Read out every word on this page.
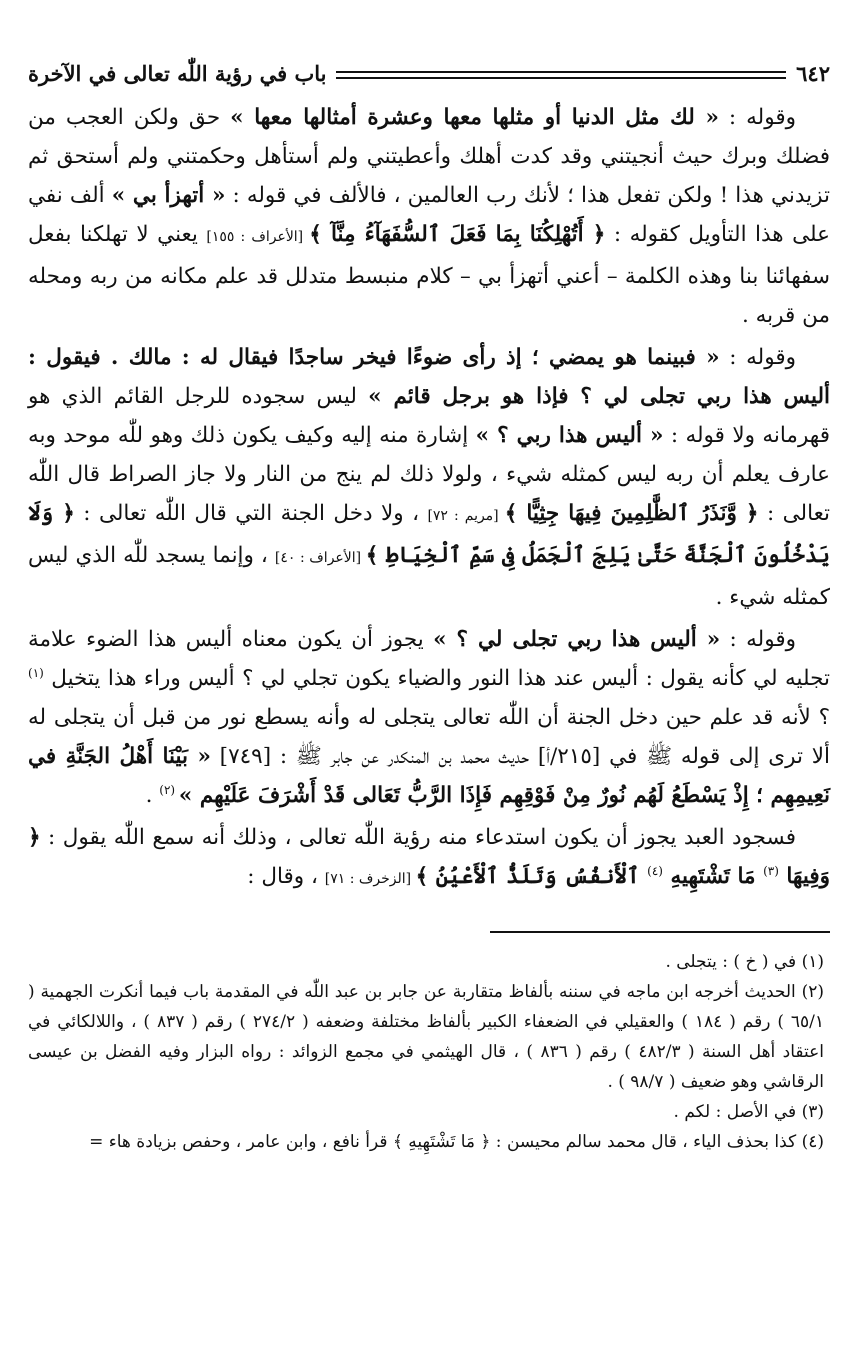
٦٤٢
باب في رؤية اللّٰه تعالى في الآخرة

وقوله : « لك مثل الدنيا أو مثلها معها وعشرة أمثالها معها » حق ولكن العجب من فضلك وبرك حيث أنجيتني وقد كدت أهلك وأعطيتني ولم أستأهل وحكمتني ولم أستحق ثم تزيدني هذا ! ولكن تفعل هذا ؛ لأنك رب العالمين ، فالألف في قوله : « أتهزأ بي » ألف نفي على هذا التأويل كقوله : ﴿ أَتُهْلِكُنَا بِمَا فَعَلَ ٱلسُّفَهَآءُ مِنَّآ ﴾ [الأعراف : ١٥٥] يعني لا تهلكنا بفعل سفهائنا بنا وهذه الكلمة – أعني أتهزأ بي – كلام منبسط متدلل قد علم مكانه من ربه ومحله من قربه .

وقوله : « فبينما هو يمضي ؛ إذ رأى ضوءًا فيخر ساجدًا فيقال له : مالك . فيقول : أليس هذا ربي تجلى لي ؟ فإذا هو برجل قائم » ليس سجوده للرجل القائم الذي هو قهرمانه ولا قوله : « أليس هذا ربي ؟ » إشارة منه إليه وكيف يكون ذلك وهو للّٰه موحد وبه عارف يعلم أن ربه ليس كمثله شيء ، ولولا ذلك لم ينج من النار ولا جاز الصراط قال اللّٰه تعالى : ﴿ وَّنَذَرُ ٱلظَّٰلِمِينَ فِيهَا جِثِيًّا ﴾ [مريم : ٧٢] ، ولا دخل الجنة التي قال اللّٰه تعالى : ﴿ وَلَا يَدْخُلُونَ ٱلْجَنَّةَ حَتَّىٰ يَلِجَ ٱلْجَمَلُ فِى سَمِّ ٱلْخِيَاطِ ﴾ [الأعراف : ٤٠] ، وإنما يسجد للّٰه الذي ليس كمثله شيء .

وقوله : « أليس هذا ربي تجلى لي ؟ » يجوز أن يكون معناه أليس هذا الضوء علامة تجليه لي كأنه يقول : أليس عند هذا النور والضياء يكون تجلي لي ؟ أليس وراء هذا يتخيل $^{(١)}$ ؟ لأنه قد علم حين دخل الجنة أن اللّٰه تعالى يتجلى له وأنه يسطع نور من قبل أن يتجلى له ألا ترى إلى قوله ﷺ في [٢١٥/أ] حديث محمد بن المنكدر عن جابر ﷺ : [٧٤٩] « بَيْنَا أَهْلُ الجَنَّةِ في نَعِيمِهِم ؛ إِذْ يَسْطَعُ لَهُم نُورٌ مِنْ فَوْقِهِم فَإِذَا الرَّبُّ تَعَالى قَدْ أَشْرَفَ عَلَيْهِم » $^{(٢)}$ .

فسجود العبد يجوز أن يكون استدعاء منه رؤية اللّٰه تعالى ، وذلك أنه سمع اللّٰه يقول : ﴿ وَفِيهَا $^{(٣)}$ مَا تَشْتَهِيهِ $^{(٤)}$ ٱلْأَنفُسُ وَتَلَذُّ ٱلْأَعْيُنُ ﴾ [الزخرف : ٧١] ، وقال :

(١) في ( خ ) : يتجلى .

(٢) الحديث أخرجه ابن ماجه في سننه بألفاظ متقاربة عن جابر بن عبد اللّٰه في المقدمة باب فيما أنكرت الجهمية ( ٦٥/١ ) رقم ( ١٨٤ ) والعقيلي في الضعفاء الكبير بألفاظ مختلفة وضعفه ( ٢٧٤/٢ ) رقم ( ٨٣٧ ) ، واللالكائي في اعتقاد أهل السنة ( ٤٨٢/٣ ) رقم ( ٨٣٦ ) ، قال الهيثمي في مجمع الزوائد : رواه البزار وفيه الفضل بن عيسى الرقاشي وهو ضعيف ( ٩٨/٧ ) .

(٣) في الأصل : لكم .

(٤) كذا بحذف الياء ، قال محمد سالم محيسن : ﴿ مَا تَشْتَهِيهِ ﴾ قرأ نافع ، وابن عامر ، وحفص بزيادة هاء =
